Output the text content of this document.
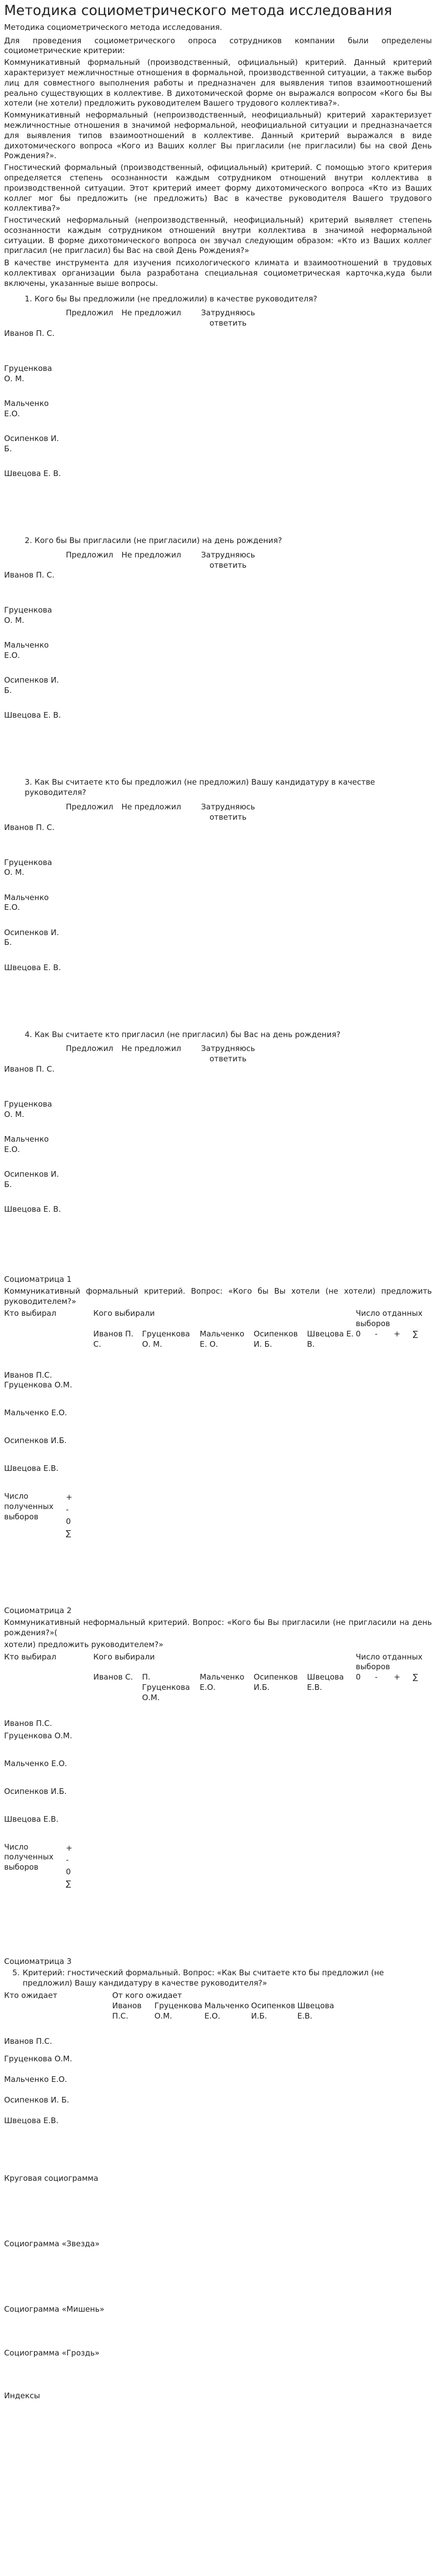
Методика социометрического метода исследования

Методика социометрического метода исследования.

Для проведения социометрического опроса сотрудников компании были определены социометрические критерии:

Коммуникативный формальный (производственный, официальный) критерий. Данный критерий характеризует межличностные отношения в формальной, производственной ситуации, а также выбор лиц для совместного выполнения работы и предназначен для выявления типов взаимоотношений реально существующих в коллективе. В дихотомической форме он выражался вопросом «Кого бы Вы хотели (не хотели) предложить руководителем Вашего трудового коллектива?».

Коммуникативный неформальный (непроизводственный, неофициальный) критерий характеризует межличностные отношения в значимой неформальной, неофициальной ситуации и предназначается для выявления типов взаимоотношений в коллективе. Данный критерий выражался в виде дихотомического вопроса «Кого из Ваших коллег Вы пригласили (не пригласили) бы на свой День Рождения?».

Гностический формальный (производственный, официальный) критерий. С помощью этого критерия определяется степень осознанности каждым сотрудником отношений внутри коллектива в производственной ситуации. Этот критерий имеет форму дихотомического вопроса «Кто из Ваших коллег мог бы предложить (не предложить) Вас в качестве руководителя Вашего трудового коллектива?»

Гностический неформальный (непроизводственный, неофициальный) критерий выявляет степень осознанности каждым сотрудником отношений внутри коллектива в значимой неформальной ситуации. В форме дихотомического вопроса он звучал следующим образом: «Кто из Ваших коллег пригласил (не пригласил) бы Вас на свой День Рождения?»

В качестве инструмента для изучения психологического климата и взаимоотношений в трудовых коллективах организации была разработана специальная социометрическая карточка,куда были включены, указанные выше вопросы.

1. Кого бы Вы предложили (не предложили) в качестве руководителя?
	Предложил	Не предложил	Затрудняюсь ответить
Иванов П. С.			
Груценкова О. М.			
Мальченко Е.О.			
Осипенков И. Б.			
Швецова Е. В.			
2. Кого бы Вы пригласили (не пригласили) на день рождения?
	Предложил	Не предложил	Затрудняюсь ответить
Иванов П. С.			
Груценкова О. М.			
Мальченко Е.О.			
Осипенков И. Б.			
Швецова Е. В.			
3. Как Вы считаете кто бы предложил (не предложил) Вашу кандидатуру в качестве руководителя?
	Предложил	Не предложил	Затрудняюсь ответить
Иванов П. С.			
Груценкова О. М.			
Мальченко Е.О.			
Осипенков И. Б.			
Швецова Е. В.			
4. Как Вы считаете кто пригласил (не пригласил) бы Вас на день рождения?
	Предложил	Не предложил	Затрудняюсь ответить
Иванов П. С.			
Груценкова О. М.			
Мальченко Е.О.			
Осипенков И. Б.			
Швецова Е. В.			

Социоматрица 1

Коммуникативный формальный критерий. Вопрос: «Кого бы Вы хотели (не хотели) предложить руководителем?»

Кто выбирал	Кого выбирали					Число отданных выборов			
	Иванов П. С.	Груценкова О. М.	Мальченко Е. О.	Осипенков И. Б.	Швецова Е. В.	0	-	+	∑
Иванов П.С.									
Груценкова О.М.									
Мальченко Е.О.									
Осипенков И.Б.									
Швецова Е.В.									

Число полученных выборов
+
-
0
∑									

Социоматрица 2

Коммуникативный неформальный критерий. Вопрос: «Кого бы Вы пригласили (не пригласили на день рождения?»(

хотели) предложить руководителем?»

Кто выбирал	Кого выбирали					Число отданных выборов			
	Иванов С.	П. Груценкова О.М.	Мальченко Е.О.	Осипенков И.Б.	Швецова Е.В.	0	-	+	∑
Иванов П.С.									
Груценкова О.М.									
Мальченко Е.О.									
Осипенков И.Б.									
Швецова Е.В.									

Число полученных выборов
+
-
0
∑									

Социоматрица 3

5. Критерий: гностический формальный. Вопрос: «Как Вы считаете кто бы предложил (не предложил) Вашу кандидатуру в качестве руководителя?»
Кто ожидает	От кого ожидает					
	Иванов П.С.	Груценкова О.М.	Мальченко Е.О.	Осипенков И.Б.	Швецова Е.В.	
Иванов П.С.						
Груценкова О.М.						
Мальченко Е.О.						
Осипенков И. Б.						
Швецова Е.В.						

Круговая социограмма

Социограмма «Звезда»

Социограмма «Мишень»

Социограмма «Гроздь»

Индексы
